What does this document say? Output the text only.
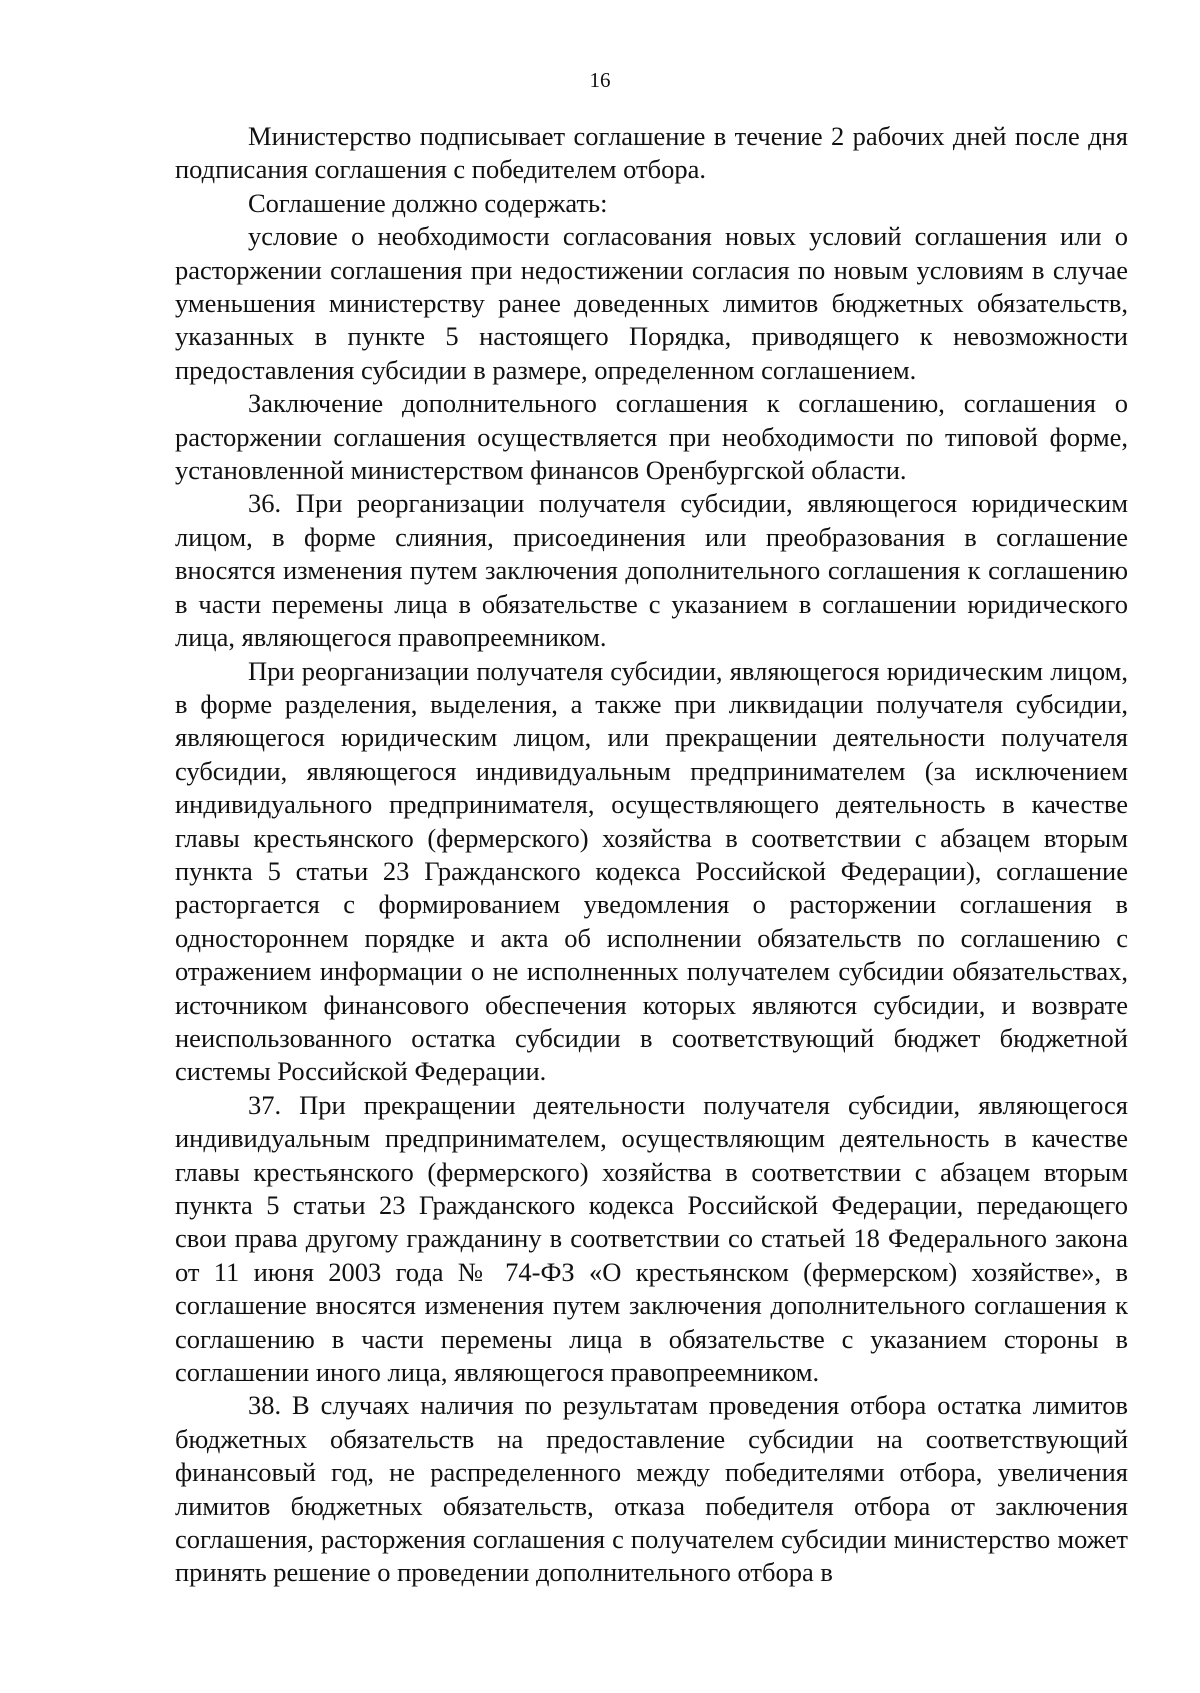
16

Министерство подписывает соглашение в течение 2 рабочих дней после дня подписания соглашения с победителем отбора.

Соглашение должно содержать:

условие о необходимости согласования новых условий соглашения или о расторжении соглашения при недостижении согласия по новым условиям в случае уменьшения министерству ранее доведенных лимитов бюджетных обязательств, указанных в пункте 5 настоящего Порядка, приводящего к невозможности предоставления субсидии в размере, определенном соглашением.

Заключение дополнительного соглашения к соглашению, соглашения о расторжении соглашения осуществляется при необходимости по типовой форме, установленной министерством финансов Оренбургской области.

36. При реорганизации получателя субсидии, являющегося юридическим лицом, в форме слияния, присоединения или преобразования в соглашение вносятся изменения путем заключения дополнительного соглашения к соглашению в части перемены лица в обязательстве с указанием в соглашении юридического лица, являющегося правопреемником.

При реорганизации получателя субсидии, являющегося юридическим лицом, в форме разделения, выделения, а также при ликвидации получателя субсидии, являющегося юридическим лицом, или прекращении деятельности получателя субсидии, являющегося индивидуальным предпринимателем (за исключением индивидуального предпринимателя, осуществляющего деятельность в качестве главы крестьянского (фермерского) хозяйства в соответствии с абзацем вторым пункта 5 статьи 23 Гражданского кодекса Российской Федерации), соглашение расторгается с формированием уведомления о расторжении соглашения в одностороннем порядке и акта об исполнении обязательств по соглашению с отражением информации о не исполненных получателем субсидии обязательствах, источником финансового обеспечения которых являются субсидии, и возврате неиспользованного остатка субсидии в соответствующий бюджет бюджетной системы Российской Федерации.

37. При прекращении деятельности получателя субсидии, являющегося индивидуальным предпринимателем, осуществляющим деятельность в качестве главы крестьянского (фермерского) хозяйства в соответствии с абзацем вторым пункта 5 статьи 23 Гражданского кодекса Российской Федерации, передающего свои права другому гражданину в соответствии со статьей 18 Федерального закона от 11 июня 2003 года № 74-ФЗ «О крестьянском (фермерском) хозяйстве», в соглашение вносятся изменения путем заключения дополнительного соглашения к соглашению в части перемены лица в обязательстве с указанием стороны в соглашении иного лица, являющегося правопреемником.

38. В случаях наличия по результатам проведения отбора остатка лимитов бюджетных обязательств на предоставление субсидии на соответствующий финансовый год, не распределенного между победителями отбора, увеличения лимитов бюджетных обязательств, отказа победителя отбора от заключения соглашения, расторжения соглашения с получателем субсидии министерство может принять решение о проведении дополнительного отбора в
